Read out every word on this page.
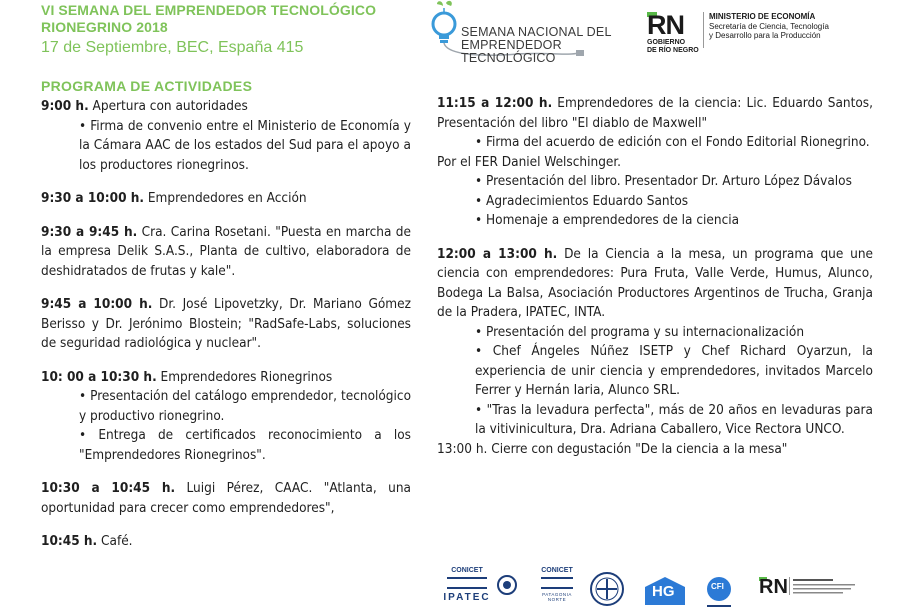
VI SEMANA DEL EMPRENDEDOR TECNOLÓGICO
RIONEGRINO 2018
17 de Septiembre, BEC, España 415
SEMANA NACIONAL DEL
EMPRENDEDOR TECNOLÓGICO
RN
GOBIERNO
DE RÍO NEGRO
MINISTERIO DE ECONOMÍA
Secretaría de Ciencia, Tecnología
y Desarrollo para la Producción
PROGRAMA DE ACTIVIDADES

9:00 h. Apertura con autoridades

• Firma de convenio entre el Ministerio de Economía y la Cámara AAC de los estados del Sud para el apoyo a los productores rionegrinos.

9:30 a 10:00 h. Emprendedores en Acción

9:30 a 9:45 h. Cra. Carina Rosetani. "Puesta en marcha de la empresa Delik S.A.S., Planta de cultivo, elaboradora de deshidratados de frutas y kale".

9:45 a 10:00 h. Dr. José Lipovetzky, Dr. Mariano Gómez Berisso y Dr. Jerónimo Blostein; "RadSafe-Labs, soluciones de seguridad radiológica y nuclear".

10: 00 a 10:30 h. Emprendedores Rionegrinos

• Presentación del catálogo emprendedor, tecnológico y productivo rionegrino.

• Entrega de certificados reconocimiento a los "Emprendedores Rionegrinos".

10:30 a 10:45 h. Luigi Pérez, CAAC. "Atlanta, una oportunidad para crecer como emprendedores",

10:45 h. Café.

11:15 a 12:00 h. Emprendedores de la ciencia: Lic. Eduardo Santos, Presentación del libro "El diablo de Maxwell"

• Firma del acuerdo de edición con el Fondo Editorial Rionegrino.

Por el FER Daniel Welschinger.

• Presentación del libro. Presentador Dr. Arturo López Dávalos

• Agradecimientos Eduardo Santos

• Homenaje a emprendedores de la ciencia

12:00 a 13:00 h. De la Ciencia a la mesa, un programa que une ciencia con emprendedores: Pura Fruta, Valle Verde, Humus, Alunco, Bodega La Balsa, Asociación Productores Argentinos de Trucha, Granja de la Pradera, IPATEC, INTA.

• Presentación del programa y su internacionalización

• Chef Ángeles Núñez ISETP y Chef Richard Oyarzun, la experiencia de unir ciencia y emprendedores, invitados Marcelo Ferrer y Hernán Iaria, Alunco SRL.

• "Tras la levadura perfecta", más de 20 años en levaduras para la vitivinicultura, Dra. Adriana Caballero, Vice Rectora UNCO.

13:00 h. Cierre con degustación "De la ciencia a la mesa"

CONICET
IPATEC
CONICET
PATAGONIA NORTE	HG	CFI RN
